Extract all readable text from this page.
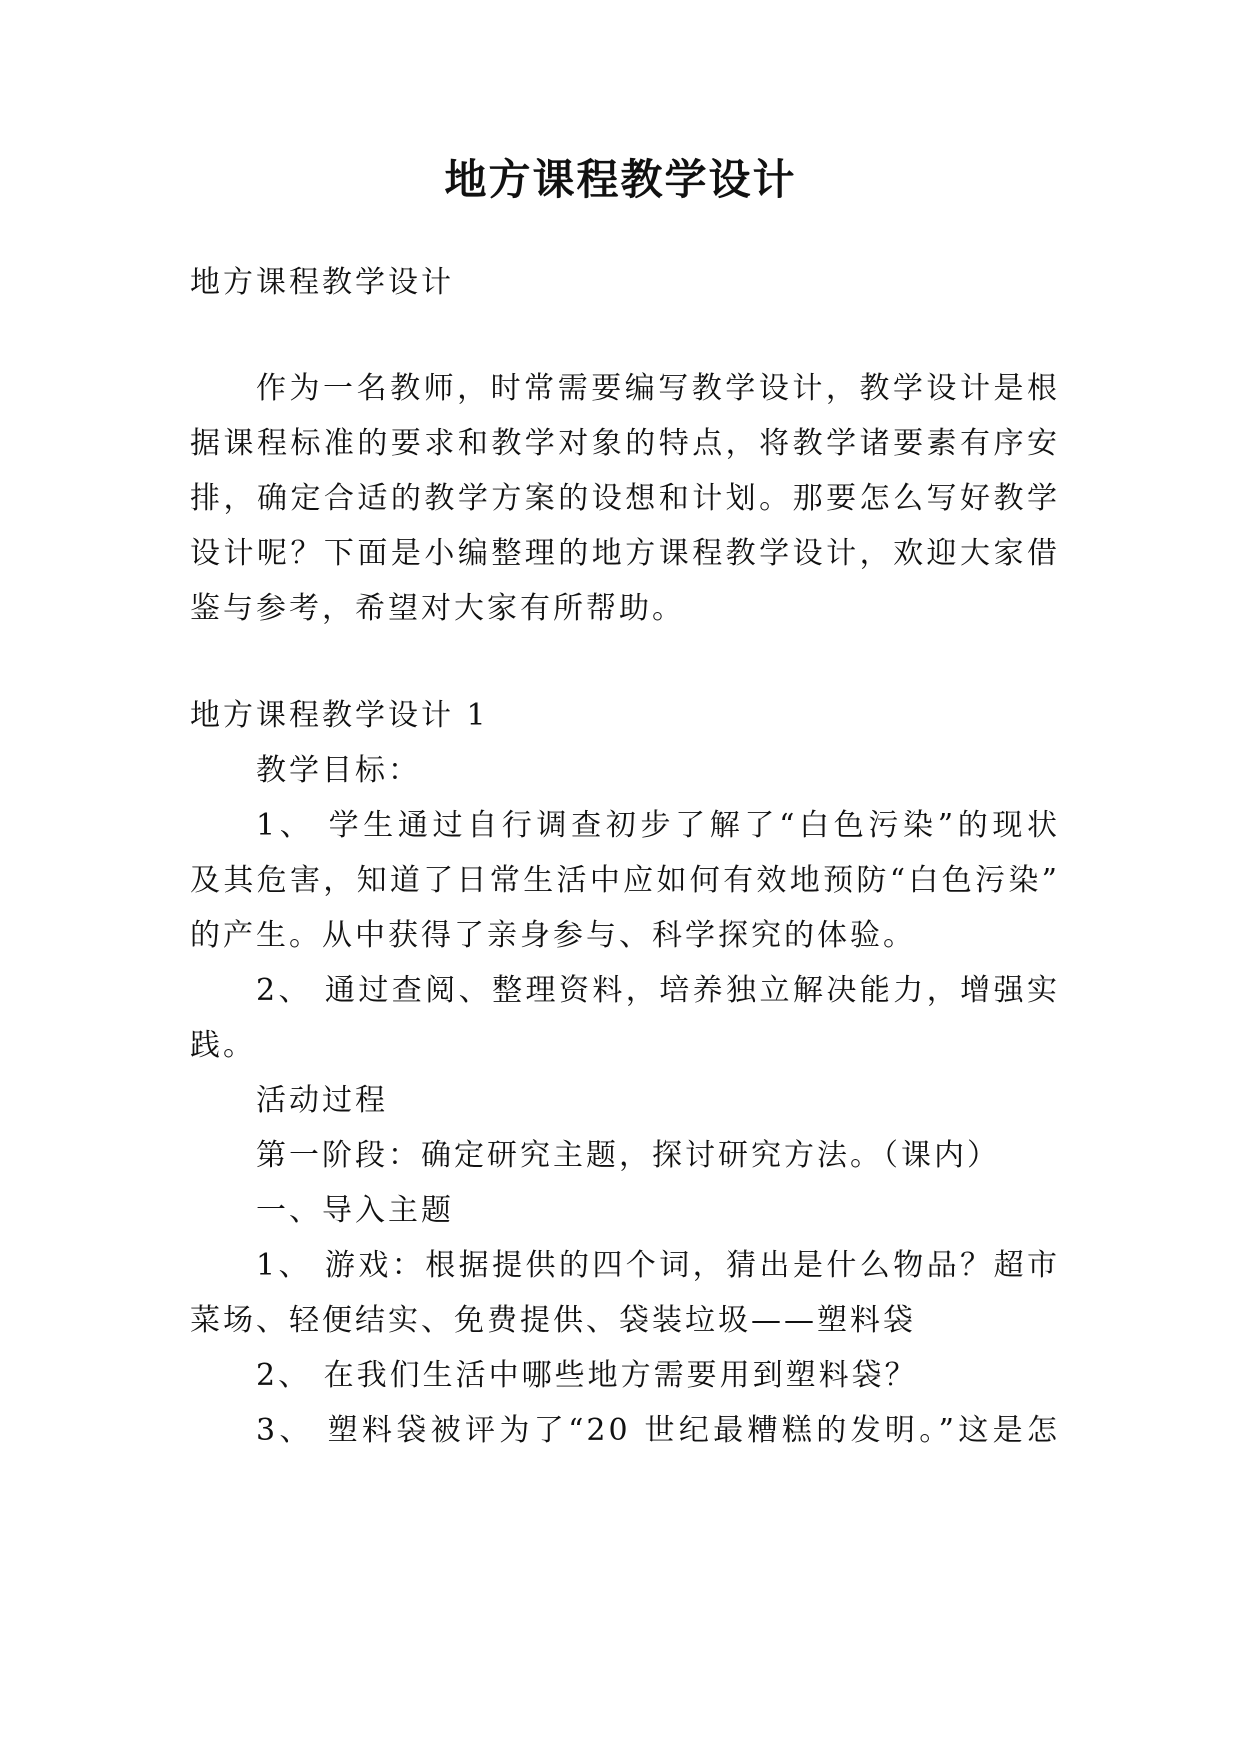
地方课程教学设计

地方课程教学设计

作为一名教师，时常需要编写教学设计，教学设计是根

据课程标准的要求和教学对象的特点，将教学诸要素有序安

排，确定合适的教学方案的设想和计划。那要怎么写好教学

设计呢？下面是小编整理的地方课程教学设计，欢迎大家借

鉴与参考，希望对大家有所帮助。

地方课程教学设计 1

教学目标：

1、 学生通过自行调查初步了解了“白色污染”的现状

及其危害，知道了日常生活中应如何有效地预防“白色污染”

的产生。从中获得了亲身参与、科学探究的体验。

2、 通过查阅、整理资料，培养独立解决能力，增强实

践。

活动过程

第一阶段：确定研究主题，探讨研究方法。（课内）

一、导入主题

1、 游戏：根据提供的四个词，猜出是什么物品？超市

菜场、轻便结实、免费提供、袋装垃圾——塑料袋

2、 在我们生活中哪些地方需要用到塑料袋？

3、 塑料袋被评为了“20 世纪最糟糕的发明。”这是怎
